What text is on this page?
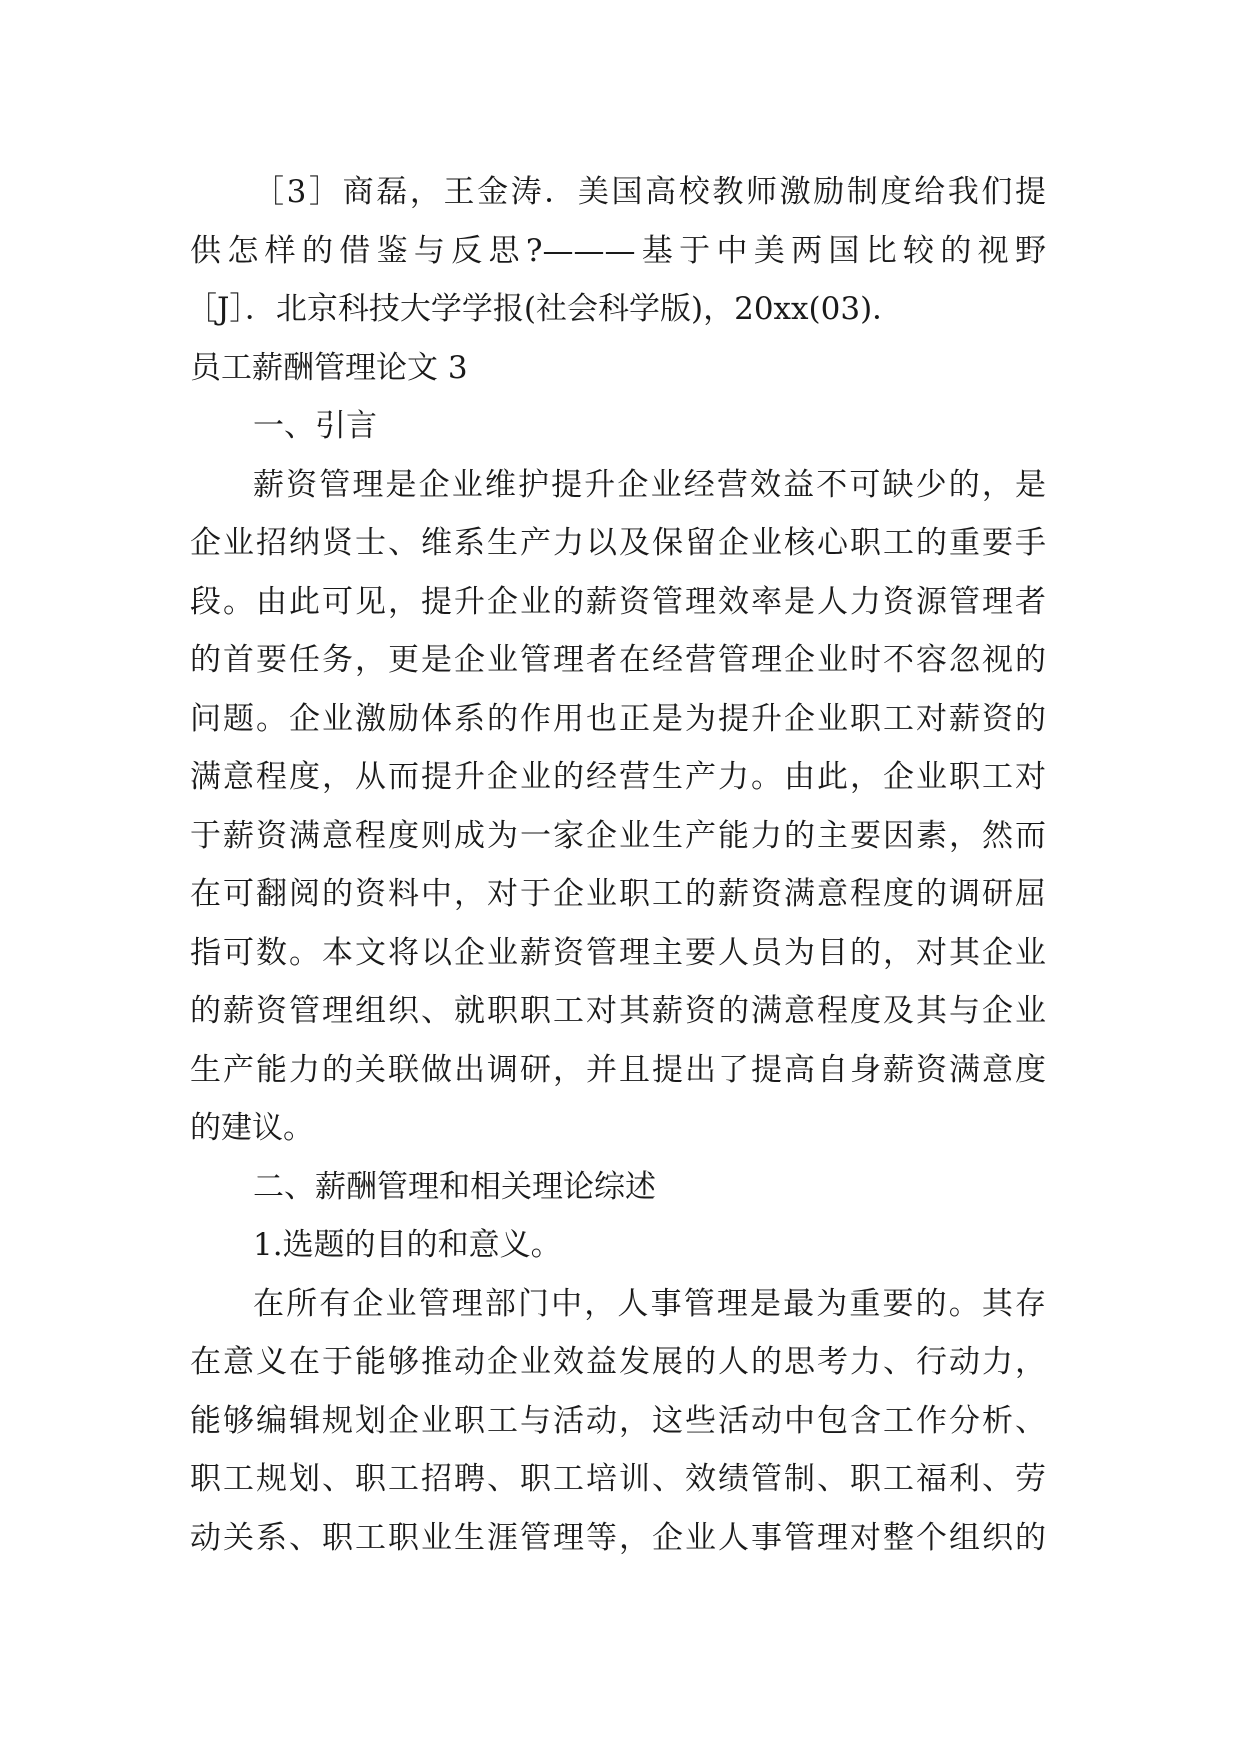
［3］商磊，王金涛．美国高校教师激励制度给我们提
供怎样的借鉴与反思?———基于中美两国比较的视野
［J］．北京科技大学学报(社会科学版)，20xx(03)．
员工薪酬管理论文 3
一、引言
薪资管理是企业维护提升企业经营效益不可缺少的，是
企业招纳贤士、维系生产力以及保留企业核心职工的重要手
段。由此可见，提升企业的薪资管理效率是人力资源管理者
的首要任务，更是企业管理者在经营管理企业时不容忽视的
问题。企业激励体系的作用也正是为提升企业职工对薪资的
满意程度，从而提升企业的经营生产力。由此，企业职工对
于薪资满意程度则成为一家企业生产能力的主要因素，然而
在可翻阅的资料中，对于企业职工的薪资满意程度的调研屈
指可数。本文将以企业薪资管理主要人员为目的，对其企业
的薪资管理组织、就职职工对其薪资的满意程度及其与企业
生产能力的关联做出调研，并且提出了提高自身薪资满意度
的建议。
二、薪酬管理和相关理论综述
1.选题的目的和意义。
在所有企业管理部门中，人事管理是最为重要的。其存
在意义在于能够推动企业效益发展的人的思考力、行动力，
能够编辑规划企业职工与活动，这些活动中包含工作分析、
职工规划、职工招聘、职工培训、效绩管制、职工福利、劳
动关系、职工职业生涯管理等，企业人事管理对整个组织的
